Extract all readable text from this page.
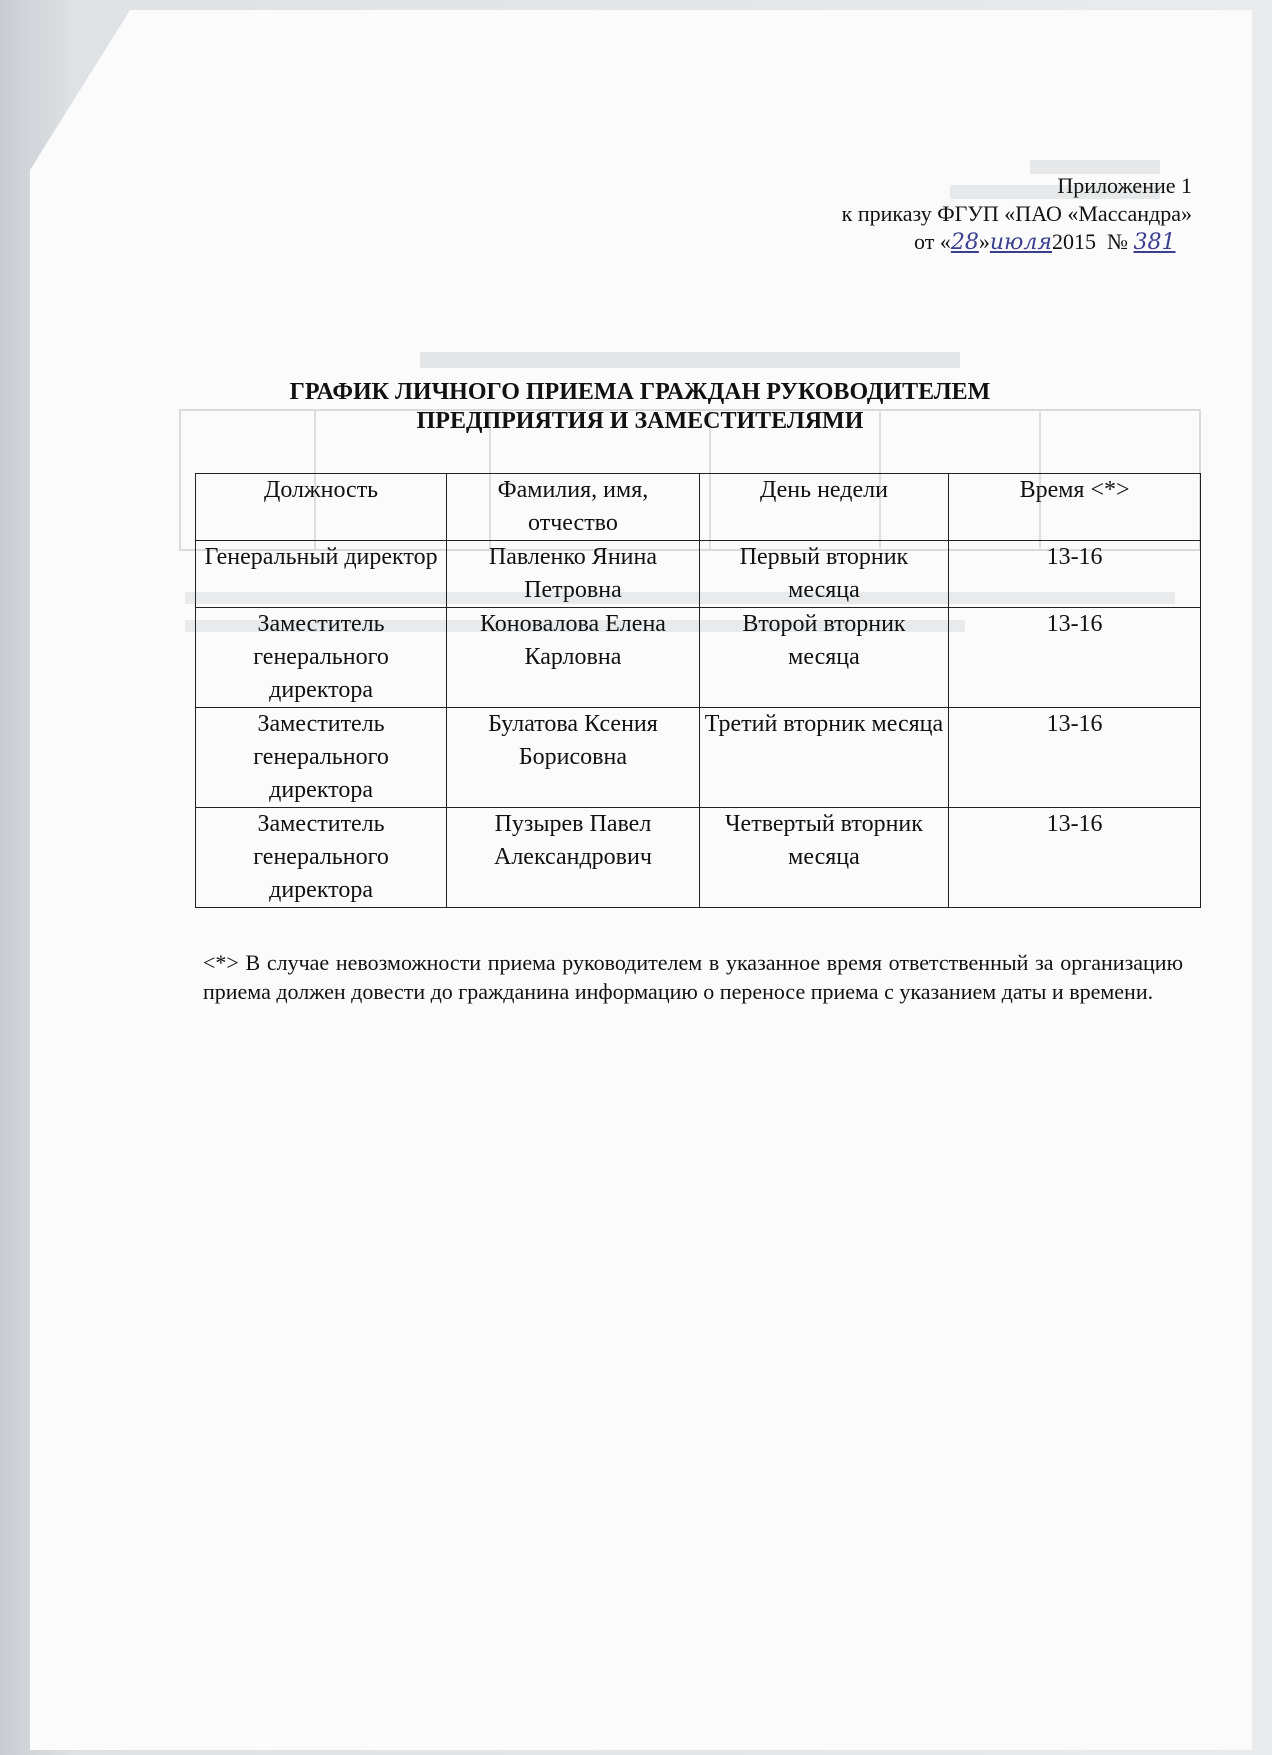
Приложение 1
к приказу ФГУП «ПАО «Массандра»
от «28»июля2015 № 381
ГРАФИК ЛИЧНОГО ПРИЕМА ГРАЖДАН РУКОВОДИТЕЛЕМ
ПРЕДПРИЯТИЯ И ЗАМЕСТИТЕЛЯМИ
Должность	Фамилия, имя, отчество	День недели	Время <*>
Генеральный директор	Павленко Янина Петровна	Первый вторник месяца	13-16
Заместитель генерального директора	Коновалова Елена Карловна	Второй вторник месяца	13-16
Заместитель генерального директора	Булатова Ксения Борисовна	Третий вторник месяца	13-16
Заместитель генерального директора	Пузырев Павел Александрович	Четвертый вторник месяца	13-16
<*> В случае невозможности приема руководителем в указанное время ответственный за организацию приема должен довести до гражданина информацию о переносе приема с указанием даты и времени.
